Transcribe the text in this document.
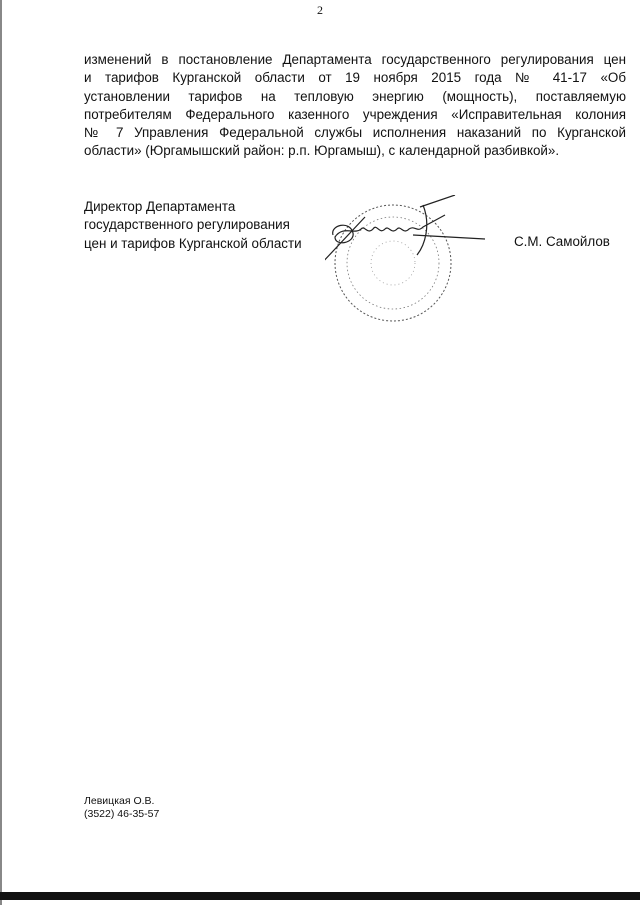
2
изменений в постановление Департамента государственного регулирования цен
и тарифов Курганской области от 19 ноября 2015 года № 41-17 «Об
установлении тарифов на тепловую энергию (мощность), поставляемую
потребителям Федерального казенного учреждения «Исправительная колония
№ 7 Управления Федеральной службы исполнения наказаний по Курганской
области» (Юргамышский район: р.п. Юргамыш), с календарной разбивкой».
Директор Департамента
государственного регулирования
цен и тарифов Курганской области	С.М. Самойлов
Левицкая О.В.
(3522) 46-35-57
